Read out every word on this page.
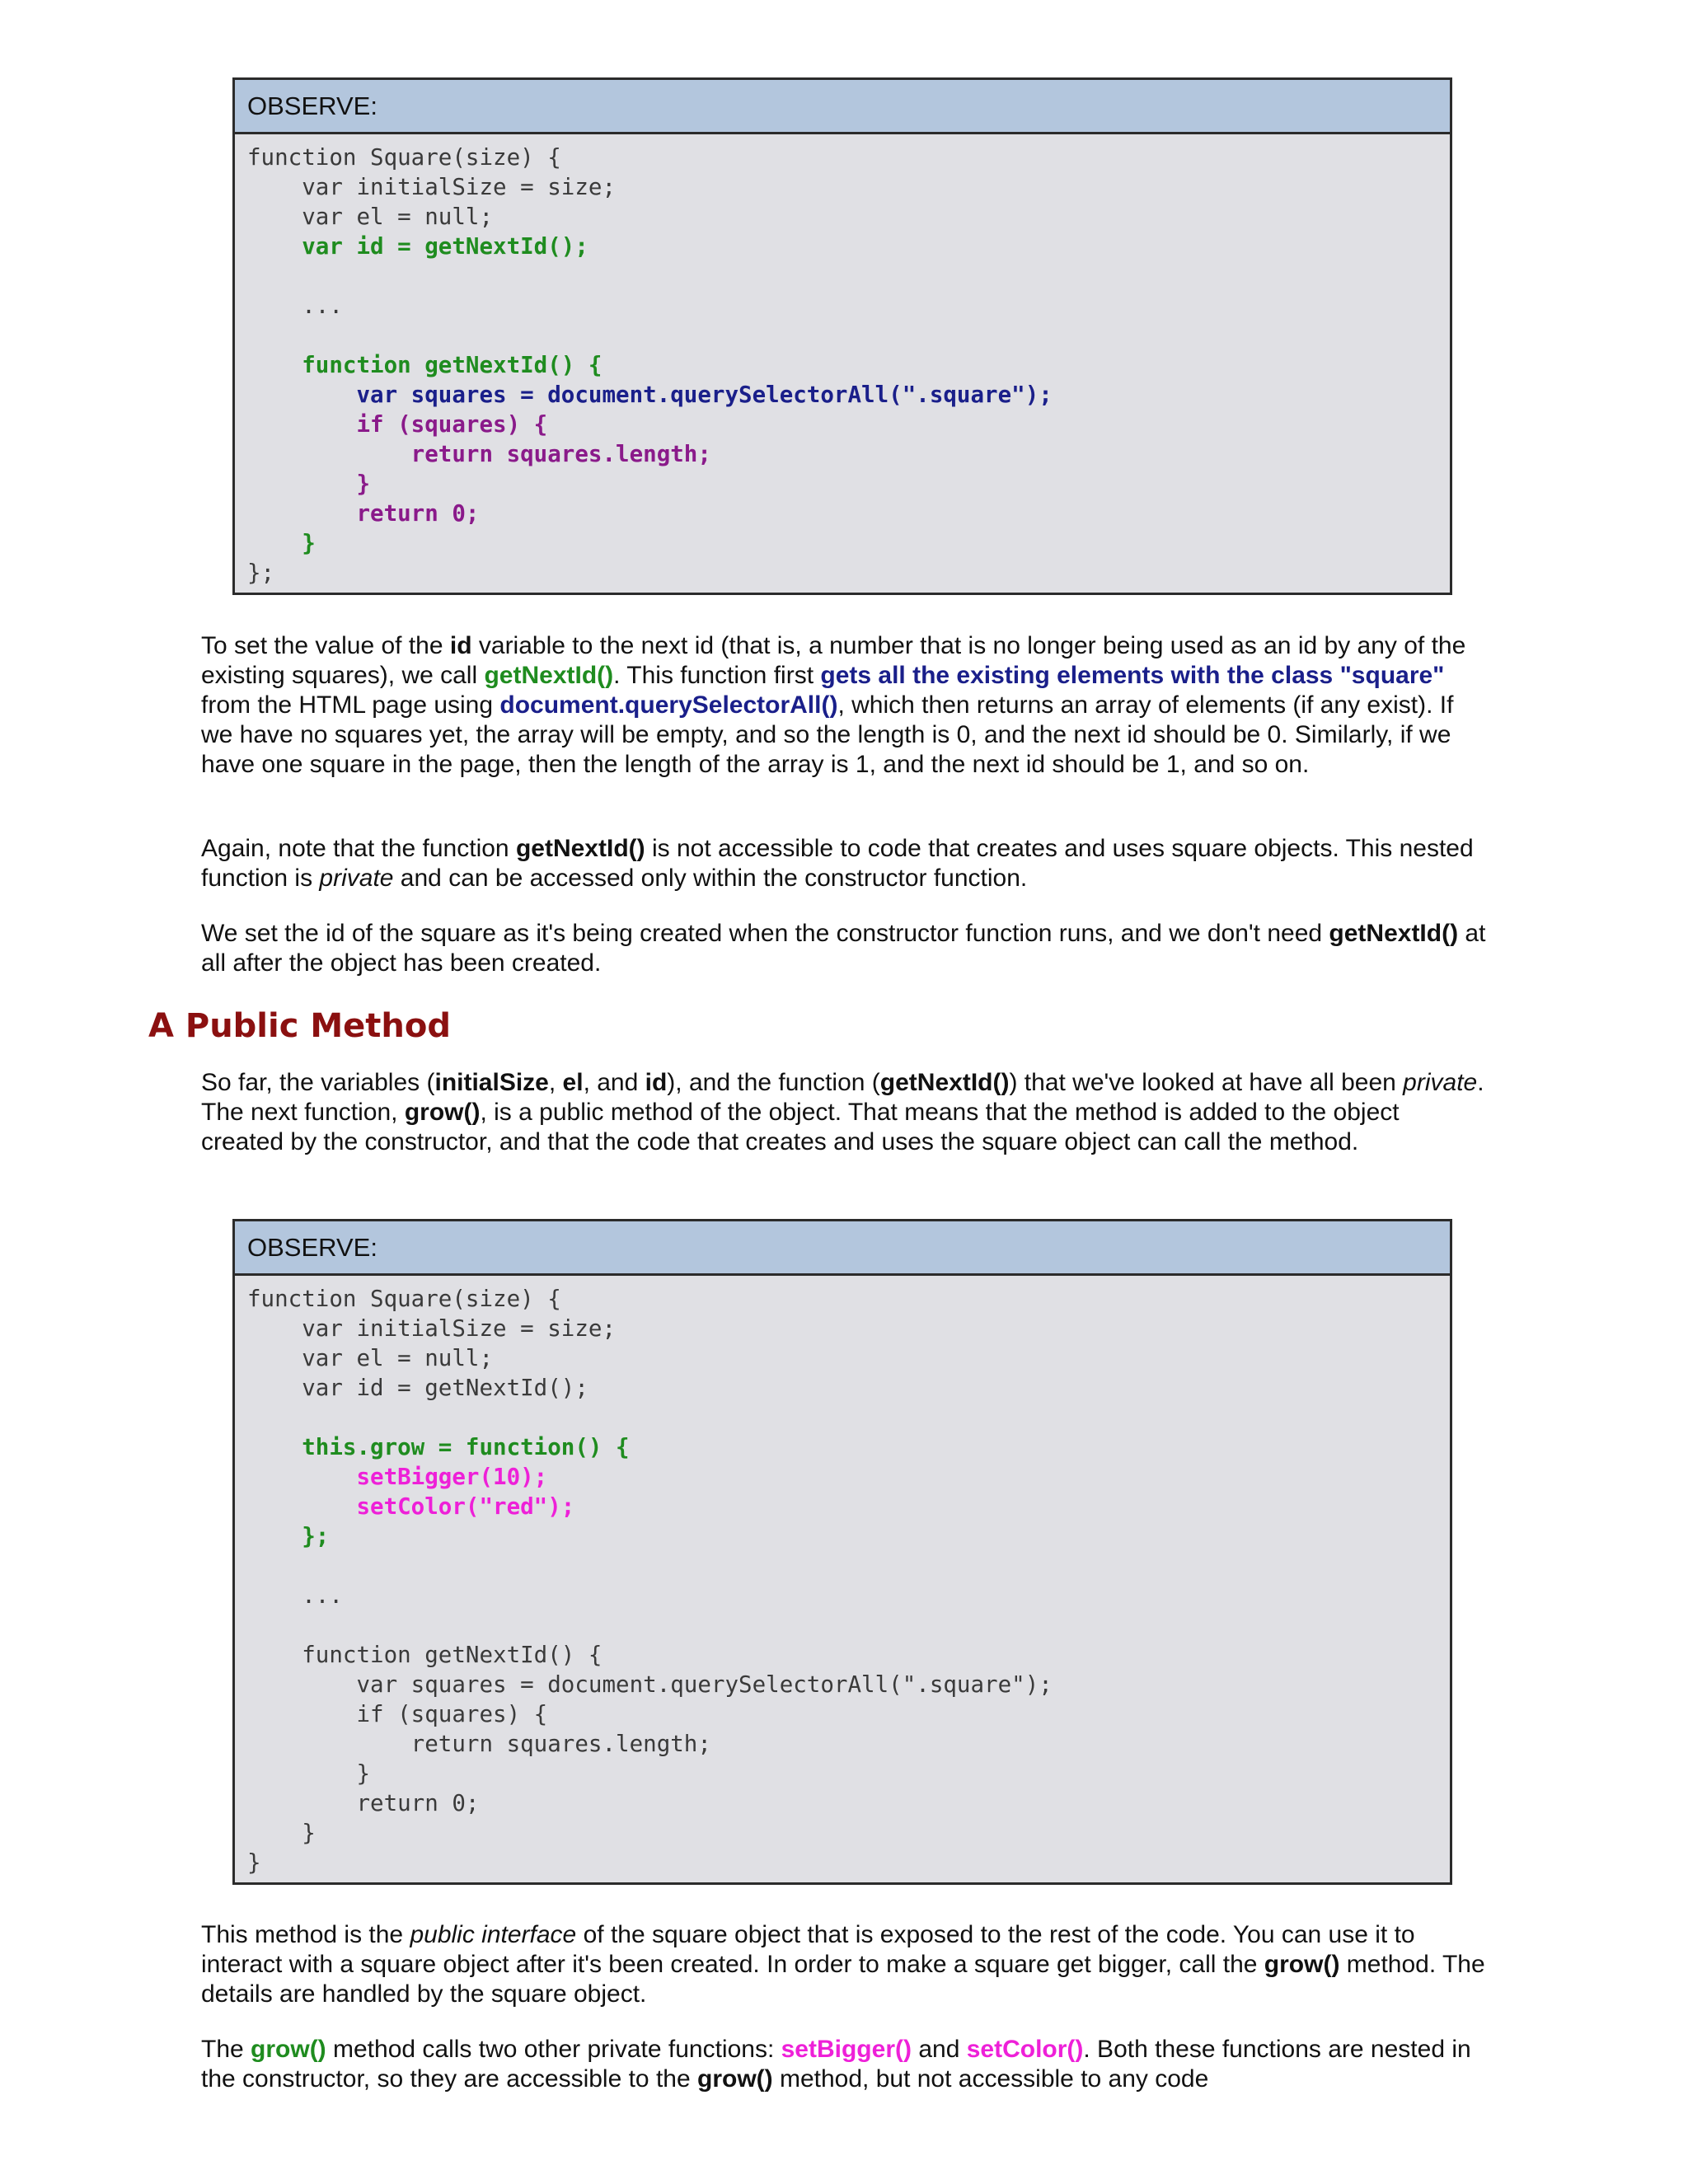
OBSERVE:
function Square(size) {
var initialSize = size;
var el = null;
var id = getNextId();
...
function getNextId() {
var squares = document.querySelectorAll(".square");
if (squares) {
return squares.length;
}
return 0;
}
};
To set the value of the id variable to the next id (that is, a number that is no longer being used as an id by any of the existing squares), we call getNextId(). This function first gets all the existing elements with the class "square" from the HTML page using document.querySelectorAll(), which then returns an array of elements (if any exist). If we have no squares yet, the array will be empty, and so the length is 0, and the next id should be 0. Similarly, if we have one square in the page, then the length of the array is 1, and the next id should be 1, and so on.
Again, note that the function getNextId() is not accessible to code that creates and uses square objects. This nested function is private and can be accessed only within the constructor function.
We set the id of the square as it's being created when the constructor function runs, and we don't need getNextId() at all after the object has been created.
A Public Method
So far, the variables (initialSize, el, and id), and the function (getNextId()) that we've looked at have all been private. The next function, grow(), is a public method of the object. That means that the method is added to the object created by the constructor, and that the code that creates and uses the square object can call the method.
OBSERVE:
function Square(size) {
var initialSize = size;
var el = null;
var id = getNextId();
this.grow = function() {
setBigger(10);
setColor("red");
};
...
function getNextId() {
var squares = document.querySelectorAll(".square");
if (squares) {
return squares.length;
}
return 0;
}
}
This method is the public interface of the square object that is exposed to the rest of the code. You can use it to interact with a square object after it's been created. In order to make a square get bigger, call the grow() method. The details are handled by the square object.
The grow() method calls two other private functions: setBigger() and setColor(). Both these functions are nested in the constructor, so they are accessible to the grow() method, but not accessible to any code
